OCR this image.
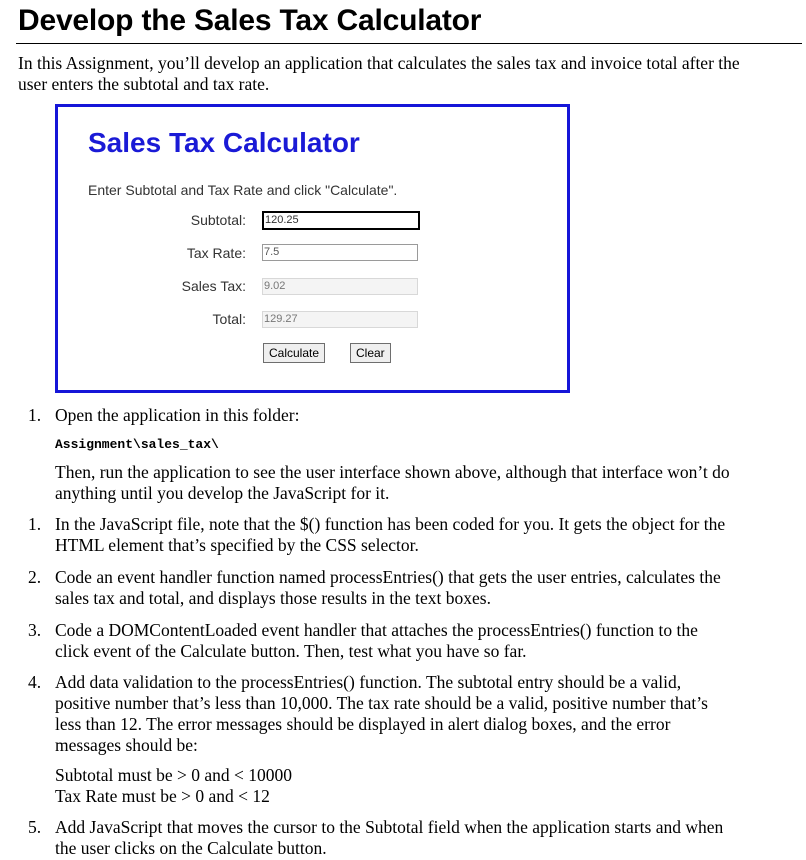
Develop the Sales Tax Calculator

In this Assignment, you’ll develop an application that calculates the sales tax and invoice total after the user enters the subtotal and tax rate.

Sales Tax Calculator
Enter Subtotal and Tax Rate and click "Calculate".
Subtotal: 120.25
Tax Rate: 7.5
Sales Tax: 9.02
Total: 129.27
Calculate	Clear
1. Open the application in this folder:
Assignment\sales_tax\
Then, run the application to see the user interface shown above, although that interface won’t do anything until you develop the JavaScript for it.
1. In the JavaScript file, note that the $() function has been coded for you. It gets the object for the HTML element that’s specified by the CSS selector.
2. Code an event handler function named processEntries() that gets the user entries, calculates the sales tax and total, and displays those results in the text boxes.
3. Code a DOMContentLoaded event handler that attaches the processEntries() function to the click event of the Calculate button. Then, test what you have so far.
4. Add data validation to the processEntries() function. The subtotal entry should be a valid, positive number that’s less than 10,000. The tax rate should be a valid, positive number that’s less than 12. The error messages should be displayed in alert dialog boxes, and the error messages should be:
Subtotal must be > 0 and < 10000
Tax Rate must be > 0 and < 12
5. Add JavaScript that moves the cursor to the Subtotal field when the application starts and when the user clicks on the Calculate button.
